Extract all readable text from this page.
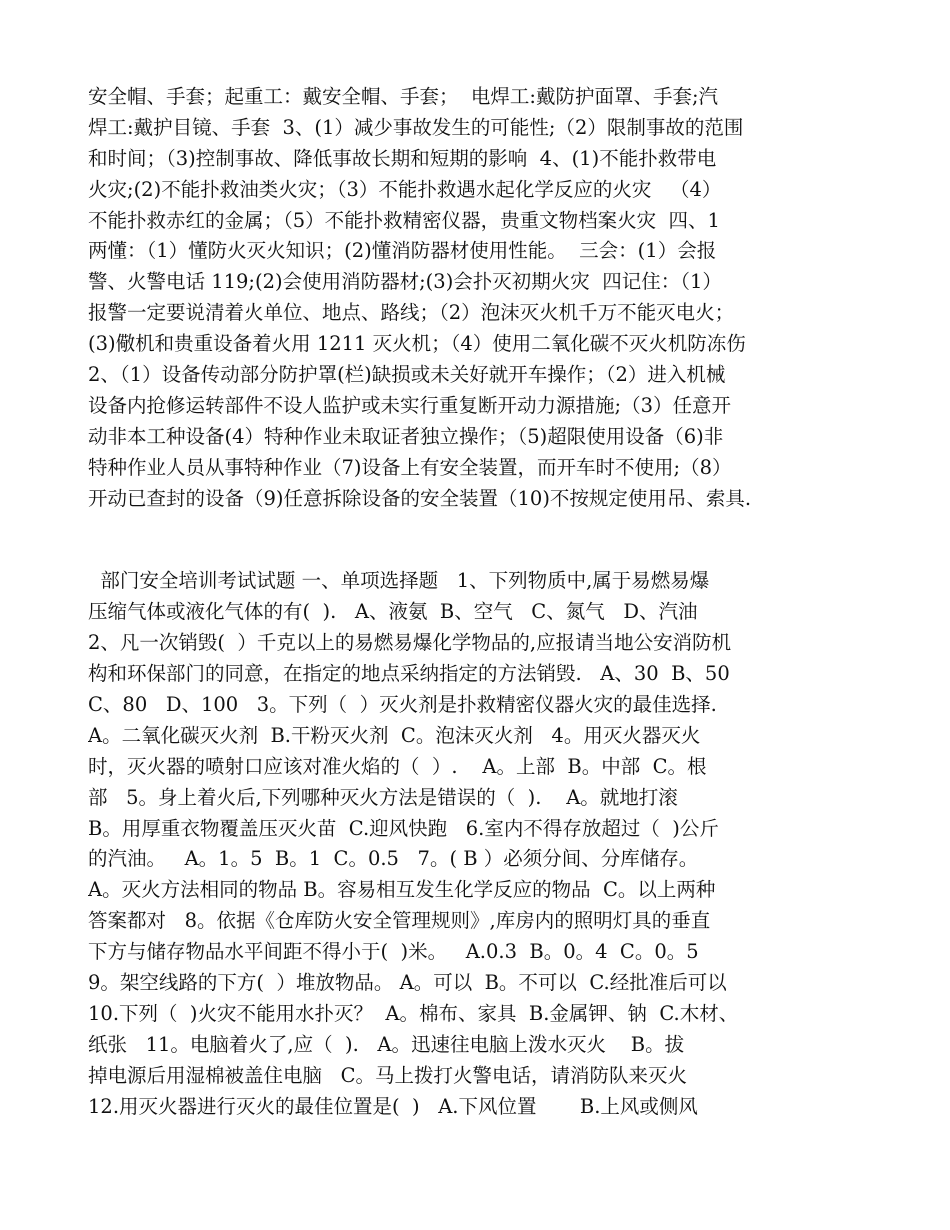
安全帽、手套；起重工：戴安全帽、手套；  电焊工:戴防护面罩、手套;汽
焊工:戴护目镜、手套  3、(1）减少事故发生的可能性;（2）限制事故的范围
和时间；（3)控制事故、降低事故长期和短期的影响  4、(1)不能扑救带电
火灾;(2)不能扑救油类火灾；（3）不能扑救遇水起化学反应的火灾   （4）
不能扑救赤红的金属；（5）不能扑救精密仪器，贵重文物档案火灾  四、1
两懂：（1）懂防火灭火知识；(2)懂消防器材使用性能。  三会：(1）会报
警、火警电话 119;(2)会使用消防器材;(3)会扑灭初期火灾  四记住：（1）
报警一定要说清着火单位、地点、路线；（2）泡沫灭火机千万不能灭电火；
(3)儆机和贵重设备着火用 1211 灭火机；（4）使用二氧化碳不灭火机防冻伤
2、（1）设备传动部分防护罩(栏)缺损或未关好就开车操作；（2）进入机械
设备内抢修运转部件不设人监护或未实行重复断开动力源措施;（3）任意开
动非本工种设备(4）特种作业未取证者独立操作；（5)超限使用设备（6)非
特种作业人员从事特种作业（7)设备上有安全装置，而开车时不使用;（8）
开动已查封的设备（9)任意拆除设备的安全装置（10)不按规定使用吊、索具.
部门安全培训考试试题 一、单项选择题   1、下列物质中,属于易燃易爆
压缩气体或液化气体的有(  ).   A、液氨  B、空气   C、氮气   D、汽油
2、凡一次销毁(  ）千克以上的易燃易爆化学物品的,应报请当地公安消防机
构和环保部门的同意，在指定的地点采纳指定的方法销毁.   A、30  B、50
C、80   D、100   3。下列（  ）灭火剂是扑救精密仪器火灾的最佳选择.
A。二氧化碳灭火剂  B.干粉灭火剂  C。泡沫灭火剂   4。用灭火器灭火
时，灭火器的喷射口应该对准火焰的（  ）.    A。上部  B。中部  C。根
部   5。身上着火后,下列哪种灭火方法是错误的（  ).    A。就地打滚
B。用厚重衣物覆盖压灭火苗  C.迎风快跑   6.室内不得存放超过（  )公斤
的汽油。   A。1。5  B。1  C。0.5   7。( B ）必须分间、分库储存。
A。灭火方法相同的物品 B。容易相互发生化学反应的物品  C。以上两种
答案都对   8。依据《仓库防火安全管理规则》,库房内的照明灯具的垂直
下方与储存物品水平间距不得小于(  )米。   A.0.3  B。0。4  C。0。5
9。架空线路的下方(  ）堆放物品。 A。可以  B。不可以  C.经批准后可以
10.下列（  )火灾不能用水扑灭？  A。棉布、家具  B.金属钾、钠  C.木材、
纸张   11。电脑着火了,应（  ).   A。迅速往电脑上泼水灭火    B。拔
掉电源后用湿棉被盖住电脑   C。马上拨打火警电话，请消防队来灭火
12.用灭火器进行灭火的最佳位置是(  )   A.下风位置       B.上风或侧风
